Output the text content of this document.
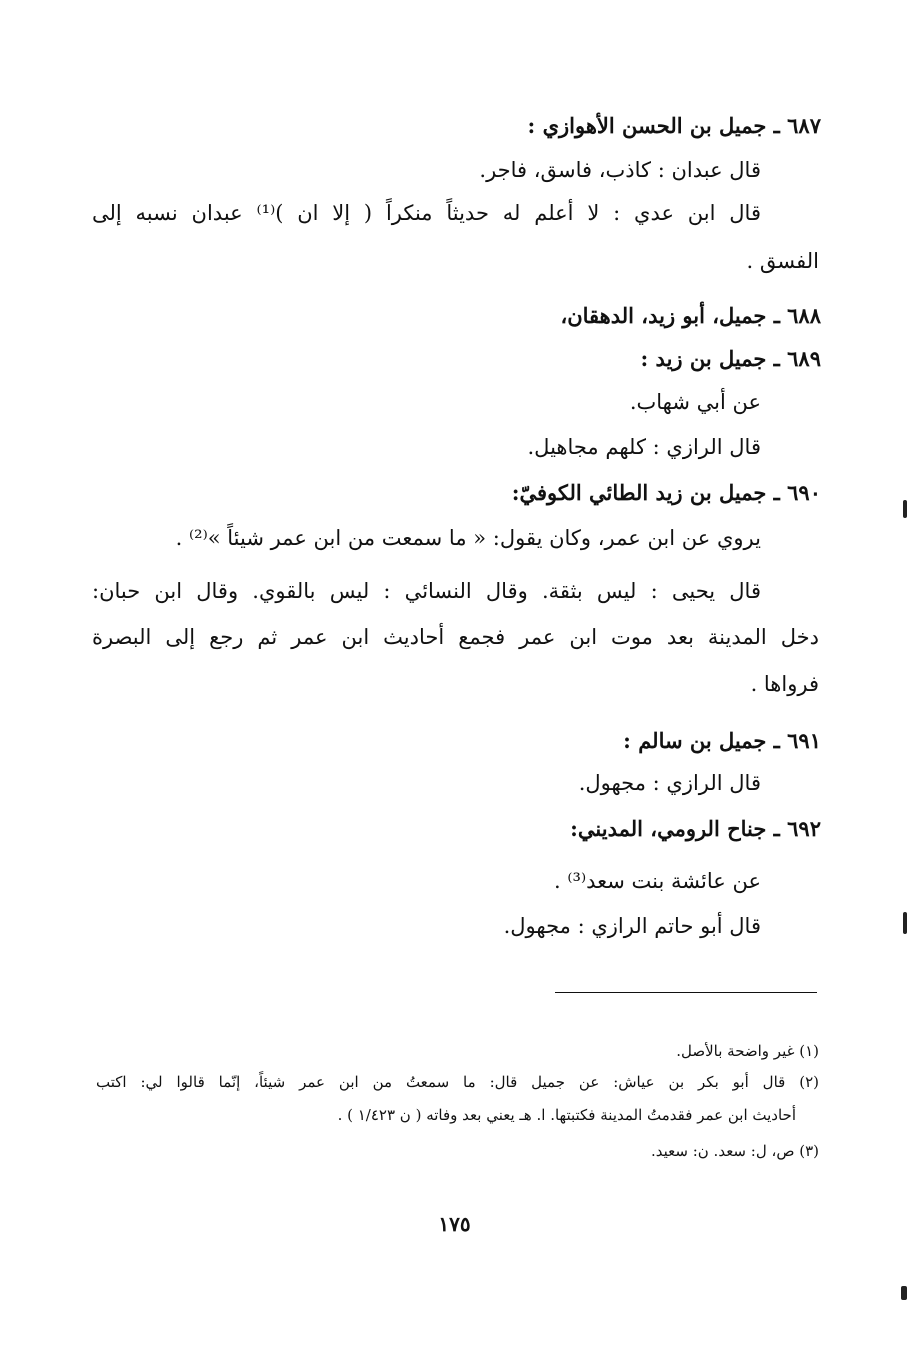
٦٨٧ ـ جميل بن الحسن الأهوازي :
قال عبدان : كاذب، فاسق، فاجر.
قال ابن عدي : لا أعلم له حديثاً منكراً ( إلا ان )⁽¹⁾ عبدان نسبه إلى
الفسق .
٦٨٨ ـ جميل، أبو زيد، الدهقان،
٦٨٩ ـ جميل بن زيد :
عن أبي شهاب.
قال الرازي : كلهم مجاهيل.
٦٩٠ ـ جميل بن زيد الطائي الكوفيّ:
يروي عن ابن عمر، وكان يقول: « ما سمعت من ابن عمر شيئاً »⁽²⁾ .
قال يحيى : ليس بثقة. وقال النسائي : ليس بالقوي. وقال ابن حبان:
دخل المدينة بعد موت ابن عمر فجمع أحاديث ابن عمر ثم رجع إلى البصرة
فرواها .
٦٩١ ـ جميل بن سالم :
قال الرازي : مجهول.
٦٩٢ ـ جناح الرومي، المديني:
عن عائشة بنت سعد⁽³⁾ .
قال أبو حاتم الرازي : مجهول.
(١) غير واضحة بالأصل.
(٢) قال أبو بكر بن عياش: عن جميل قال: ما سمعتُ من ابن عمر شيئاً، إنّما قالوا لي: اكتب
أحاديث ابن عمر فقدمتُ المدينة فكتبتها. ا. هـ يعني بعد وفاته ( ن ١/٤٢٣ ) .
(٣) ص، ل: سعد. ن: سعيد.
١٧٥
